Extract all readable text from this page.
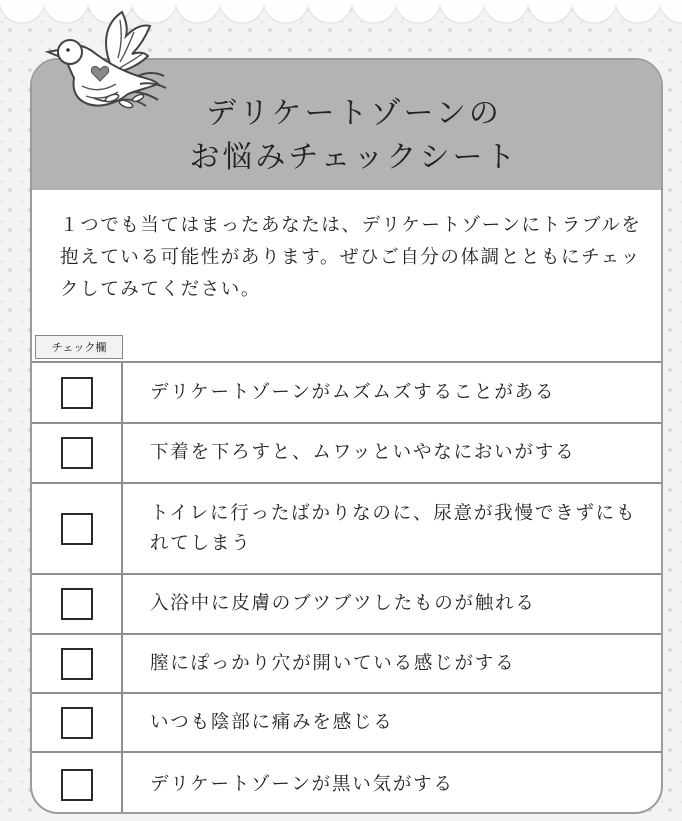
デリケートゾーンの
お悩みチェックシート

１つでも当てはまったあなたは、デリケートゾーンにトラブルを抱えている可能性があります。ぜひご自分の体調とともにチェックしてみてください。

チェック欄
デリケートゾーンがムズムズすることがある
下着を下ろすと、ムワッといやなにおいがする
トイレに行ったばかりなのに、尿意が我慢できずにもれてしまう
入浴中に皮膚のブツブツしたものが触れる
膣にぽっかり穴が開いている感じがする
いつも陰部に痛みを感じる
デリケートゾーンが黒い気がする
